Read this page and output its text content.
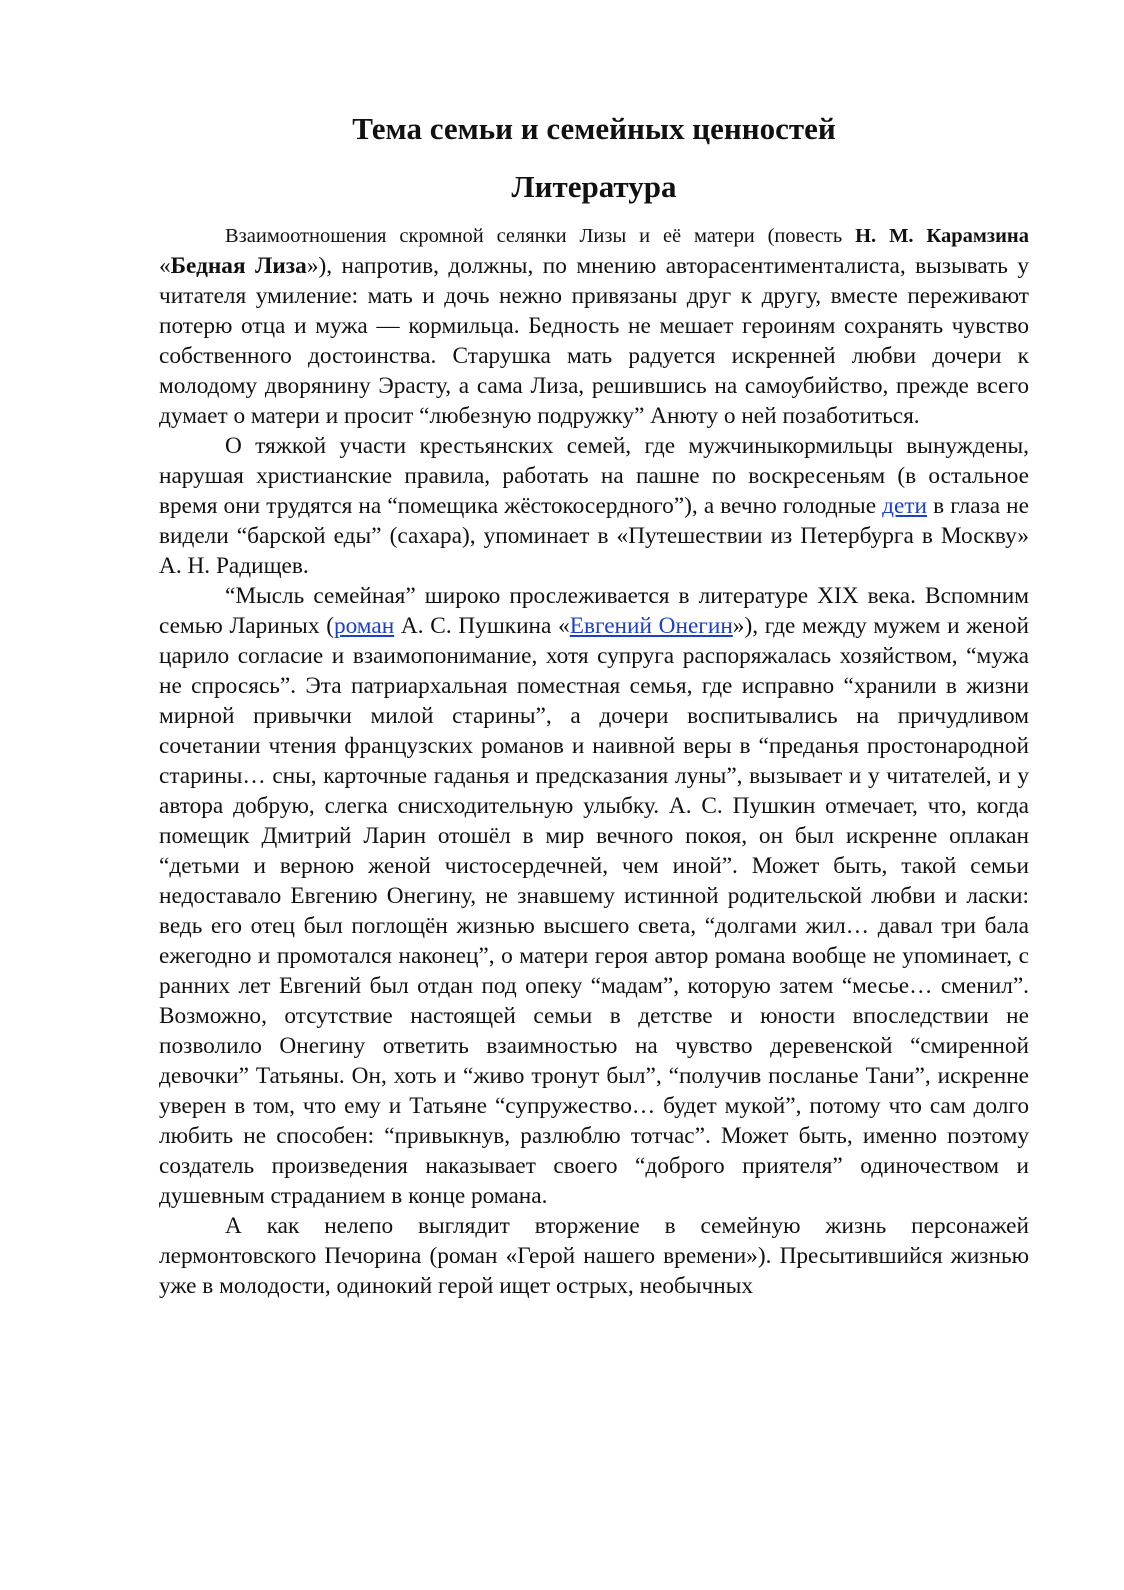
Тема семьи и семейных ценностей
Литература

Взаимоотношения скромной селянки Лизы и её матери (повесть Н. М. Карамзина «Бедная Лиза»), напротив, должны, по мнению авторасентименталиста, вызывать у читателя умиление: мать и дочь нежно привязаны друг к другу, вместе переживают потерю отца и мужа — кормильца. Бедность не мешает героиням сохранять чувство собственного достоинства. Старушка мать радуется искренней любви дочери к молодому дворянину Эрасту, а сама Лиза, решившись на самоубийство, прежде всего думает о матери и просит “любезную подружку” Анюту о ней позаботиться.

О тяжкой участи крестьянских семей, где мужчиныкормильцы вынуждены, нарушая христианские правила, работать на пашне по воскресеньям (в остальное время они трудятся на “помещика жёстокосердного”), а вечно голодные дети в глаза не видели “барской еды” (сахара), упоминает в «Путешествии из Петербурга в Москву» А. Н. Радищев.

“Мысль семейная” широко прослеживается в литературе XIX века. Вспомним семью Лариных (роман А. С. Пушкина «Евгений Онегин»), где между мужем и женой царило согласие и взаимопонимание, хотя супруга распоряжалась хозяйством, “мужа не спросясь”. Эта патриархальная поместная семья, где исправно “хранили в жизни мирной привычки милой старины”, а дочери воспитывались на причудливом сочетании чтения французских романов и наивной веры в “преданья простонародной старины… сны, карточные гаданья и предсказания луны”, вызывает и у читателей, и у автора добрую, слегка снисходительную улыбку. А. С. Пушкин отмечает, что, когда помещик Дмитрий Ларин отошёл в мир вечного покоя, он был искренне оплакан “детьми и верною женой чистосердечней, чем иной”. Может быть, такой семьи недоставало Евгению Онегину, не знавшему истинной родительской любви и ласки: ведь его отец был поглощён жизнью высшего света, “долгами жил… давал три бала ежегодно и промотался наконец”, о матери героя автор романа вообще не упоминает, с ранних лет Евгений был отдан под опеку “мадам”, которую затем “месье… сменил”. Возможно, отсутствие настоящей семьи в детстве и юности впоследствии не позволило Онегину ответить взаимностью на чувство деревенской “смиренной девочки” Татьяны. Он, хоть и “живо тронут был”, “получив посланье Тани”, искренне уверен в том, что ему и Татьяне “супружество… будет мукой”, потому что сам долго любить не способен: “привыкнув, разлюблю тотчас”. Может быть, именно поэтому создатель произведения наказывает своего “доброго приятеля” одиночеством и душевным страданием в конце романа.

А как нелепо выглядит вторжение в семейную жизнь персонажей лермонтовского Печорина (роман «Герой нашего времени»). Пресытившийся жизнью уже в молодости, одинокий герой ищет острых, необычных
